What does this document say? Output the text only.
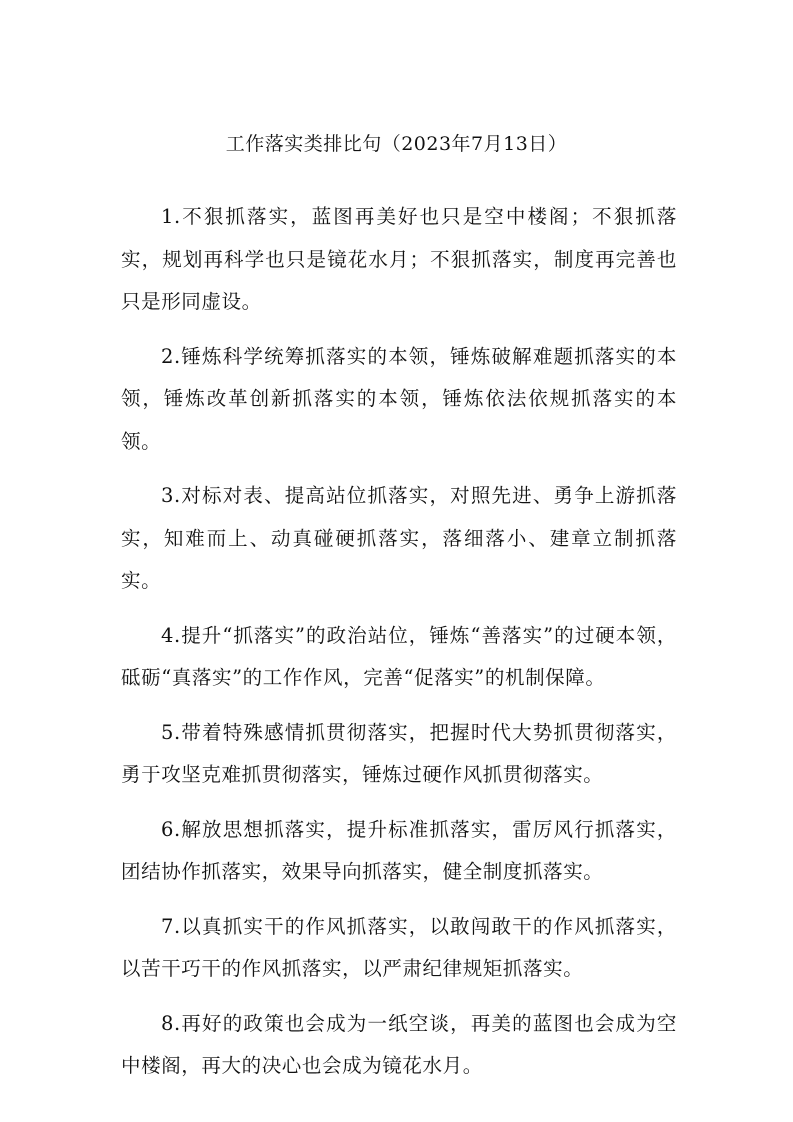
工作落实类排比句（2023年7月13日）

1.不狠抓落实，蓝图再美好也只是空中楼阁；不狠抓落实，规划再科学也只是镜花水月；不狠抓落实，制度再完善也只是形同虚设。

2.锤炼科学统筹抓落实的本领，锤炼破解难题抓落实的本领，锤炼改革创新抓落实的本领，锤炼依法依规抓落实的本领。

3.对标对表、提高站位抓落实，对照先进、勇争上游抓落实，知难而上、动真碰硬抓落实，落细落小、建章立制抓落实。

4.提升“抓落实”的政治站位，锤炼“善落实”的过硬本领，砥砺“真落实”的工作作风，完善“促落实”的机制保障。

5.带着特殊感情抓贯彻落实，把握时代大势抓贯彻落实，勇于攻坚克难抓贯彻落实，锤炼过硬作风抓贯彻落实。

6.解放思想抓落实，提升标准抓落实，雷厉风行抓落实，团结协作抓落实，效果导向抓落实，健全制度抓落实。

7.以真抓实干的作风抓落实，以敢闯敢干的作风抓落实，以苦干巧干的作风抓落实，以严肃纪律规矩抓落实。

8.再好的政策也会成为一纸空谈，再美的蓝图也会成为空中楼阁，再大的决心也会成为镜花水月。
